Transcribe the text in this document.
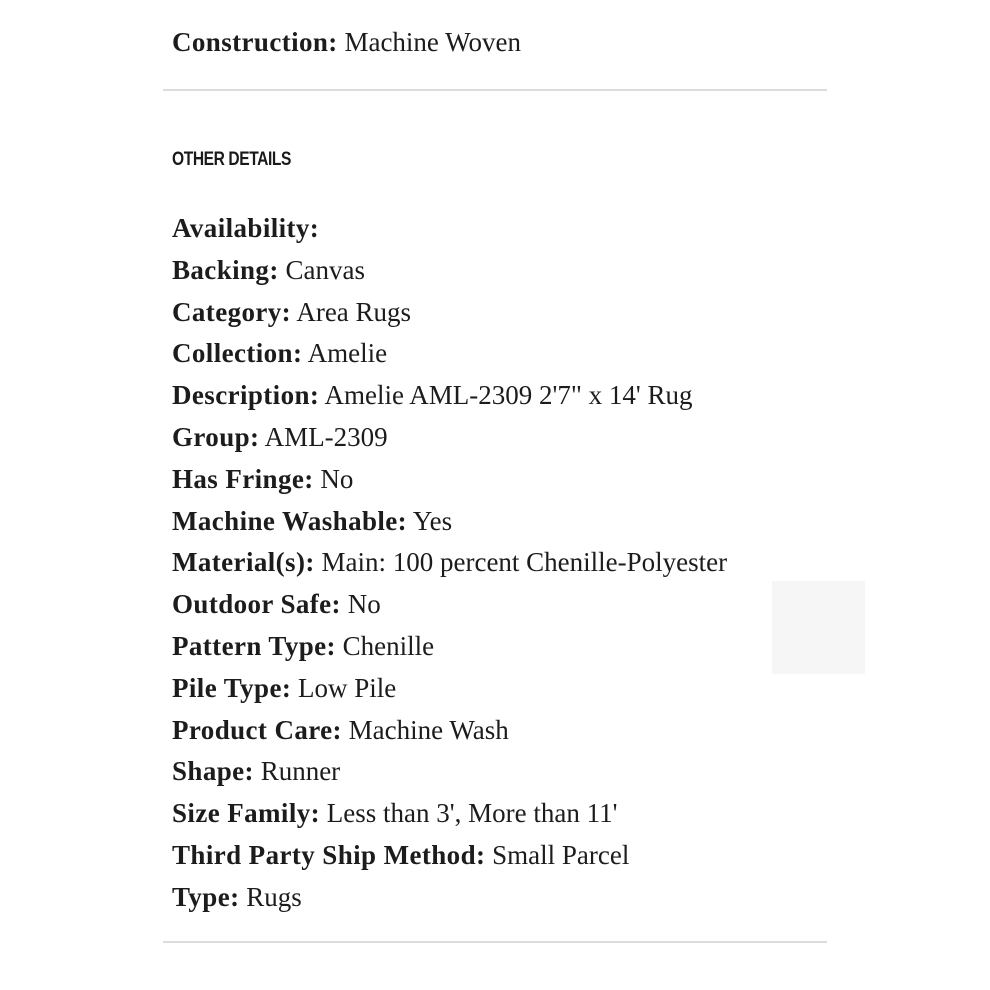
Construction: Machine Woven
OTHER DETAILS
Availability:
Backing: Canvas
Category: Area Rugs
Collection: Amelie
Description: Amelie AML-2309 2'7" x 14' Rug
Group: AML-2309
Has Fringe: No
Machine Washable: Yes
Material(s): Main: 100 percent Chenille-Polyester
Outdoor Safe: No
Pattern Type: Chenille
Pile Type: Low Pile
Product Care: Machine Wash
Shape: Runner
Size Family: Less than 3', More than 11'
Third Party Ship Method: Small Parcel
Type: Rugs
